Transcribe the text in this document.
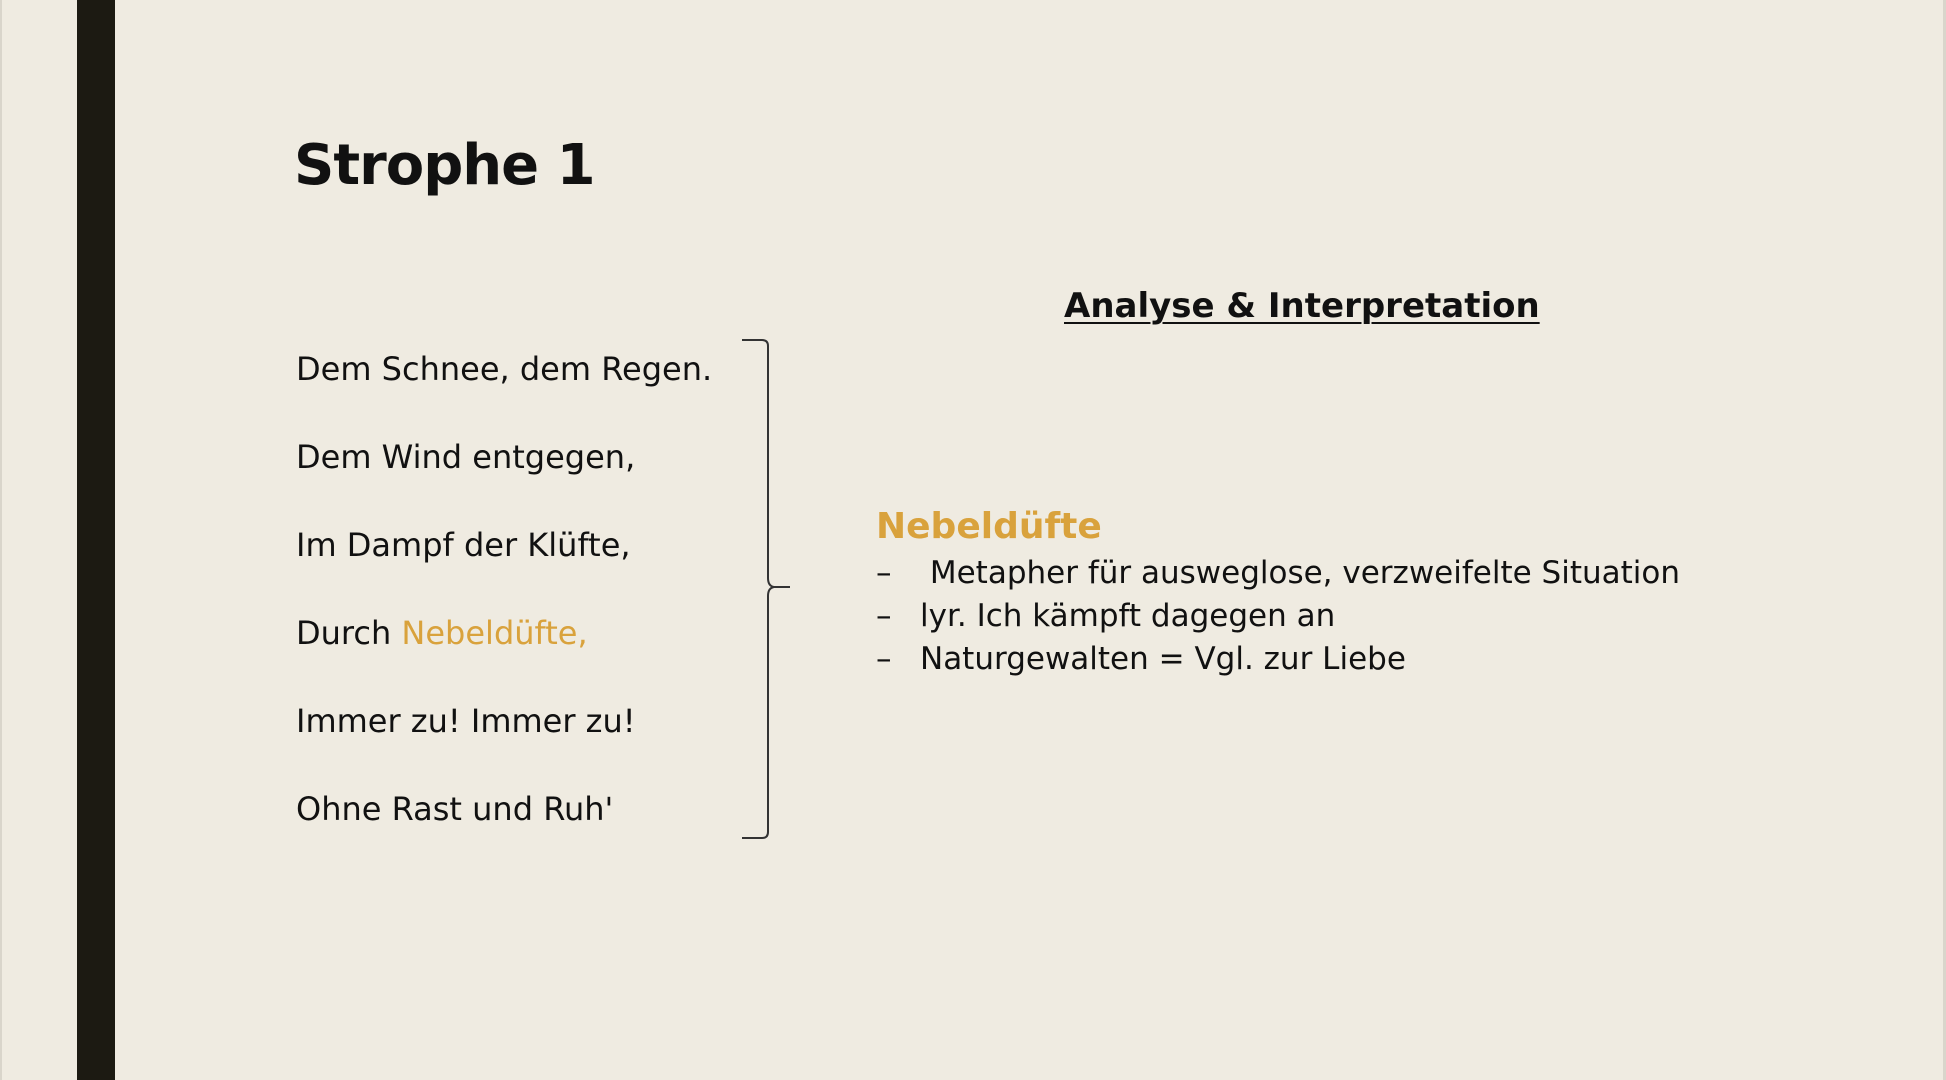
Strophe 1
Analyse & Interpretation
Dem Schnee, dem Regen.
Dem Wind entgegen,
Im Dampf der Klüfte,
Durch Nebeldüfte,
Immer zu! Immer zu!
Ohne Rast und Ruh'
Nebeldüfte
– Metapher für ausweglose, verzweifelte Situation
– lyr. Ich kämpft dagegen an
– Naturgewalten = Vgl. zur Liebe
